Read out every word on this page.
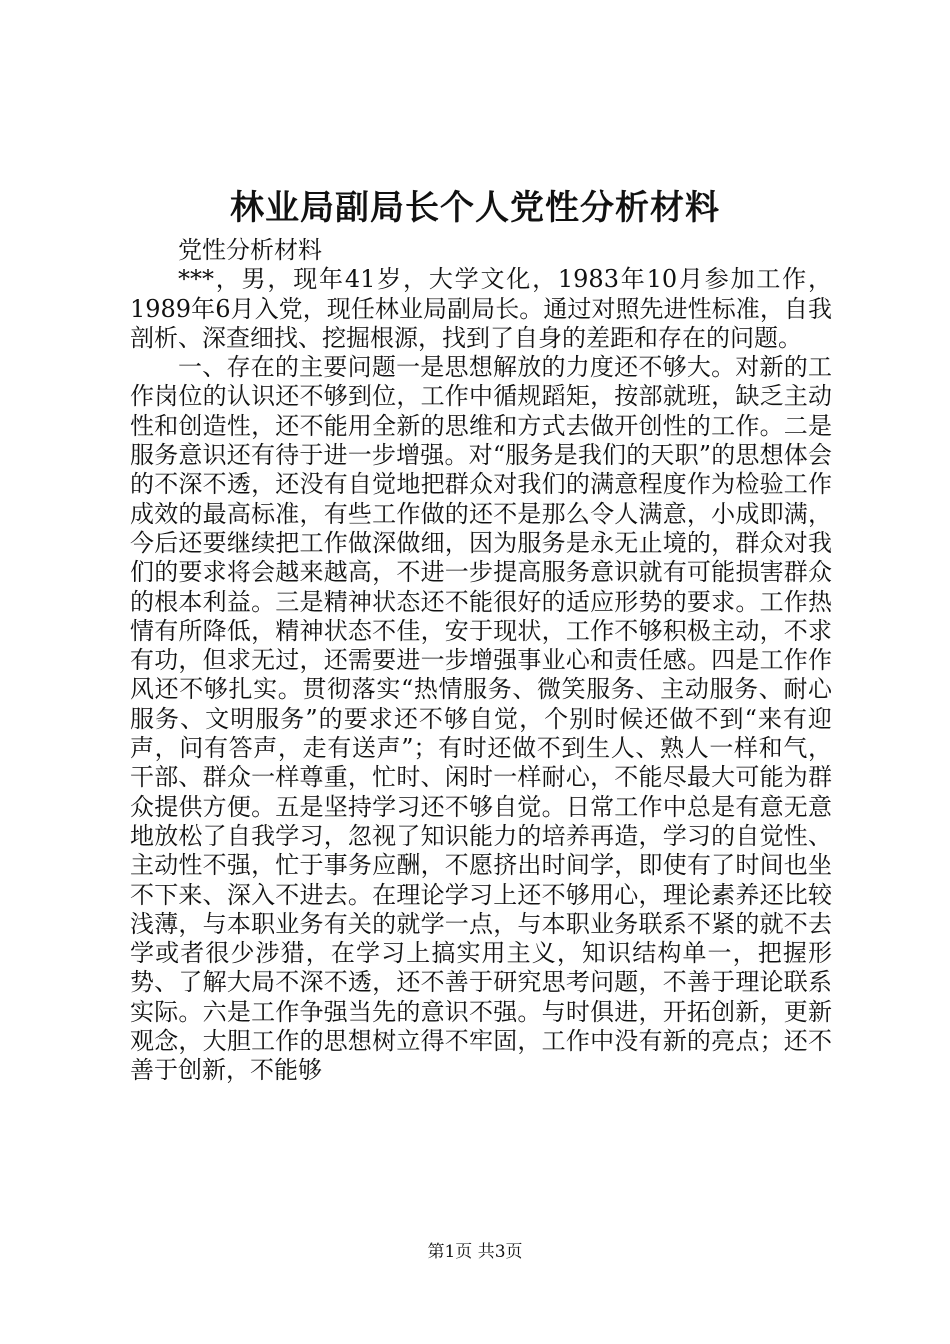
林业局副局长个人党性分析材料

党性分析材料

***，男，现年41岁，大学文化，1983年10月参加工作，1989年6月入党，现任林业局副局长。通过对照先进性标准，自我剖析、深查细找、挖掘根源，找到了自身的差距和存在的问题。

一、存在的主要问题一是思想解放的力度还不够大。对新的工作岗位的认识还不够到位，工作中循规蹈矩，按部就班，缺乏主动性和创造性，还不能用全新的思维和方式去做开创性的工作。二是服务意识还有待于进一步增强。对“服务是我们的天职”的思想体会的不深不透，还没有自觉地把群众对我们的满意程度作为检验工作成效的最高标准，有些工作做的还不是那么令人满意，小成即满，今后还要继续把工作做深做细，因为服务是永无止境的，群众对我们的要求将会越来越高，不进一步提高服务意识就有可能损害群众的根本利益。三是精神状态还不能很好的适应形势的要求。工作热情有所降低，精神状态不佳，安于现状，工作不够积极主动，不求有功，但求无过，还需要进一步增强事业心和责任感。四是工作作风还不够扎实。贯彻落实“热情服务、微笑服务、主动服务、耐心服务、文明服务”的要求还不够自觉，个别时候还做不到“来有迎声，问有答声，走有送声”；有时还做不到生人、熟人一样和气，干部、群众一样尊重，忙时、闲时一样耐心，不能尽最大可能为群众提供方便。五是坚持学习还不够自觉。日常工作中总是有意无意地放松了自我学习，忽视了知识能力的培养再造，学习的自觉性、主动性不强，忙于事务应酬，不愿挤出时间学，即使有了时间也坐不下来、深入不进去。在理论学习上还不够用心，理论素养还比较浅薄，与本职业务有关的就学一点，与本职业务联系不紧的就不去学或者很少涉猎，在学习上搞实用主义，知识结构单一，把握形势、了解大局不深不透，还不善于研究思考问题，不善于理论联系实际。六是工作争强当先的意识不强。与时俱进，开拓创新，更新观念，大胆工作的思想树立得不牢固，工作中没有新的亮点；还不善于创新，不能够

第1页 共3页
